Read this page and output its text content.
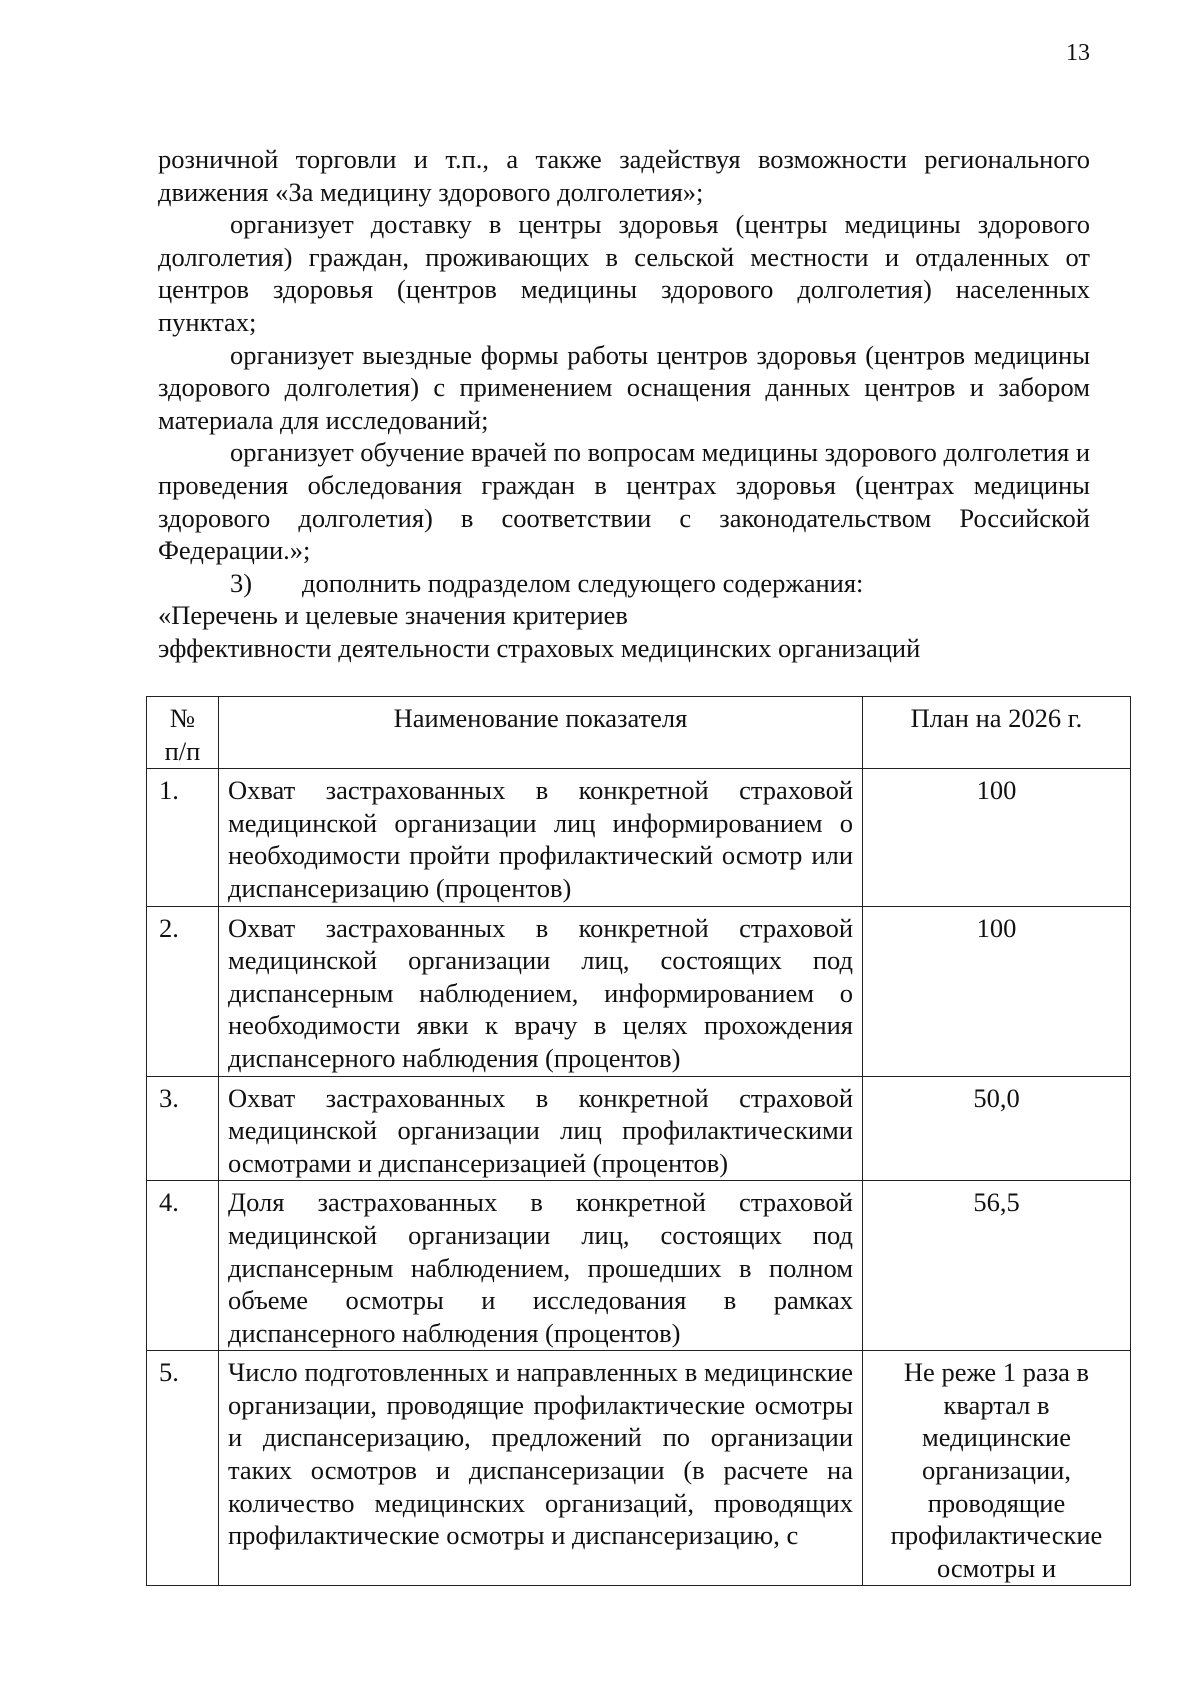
13

розничной торговли и т.п., а также задействуя возможности регионального движения «За медицину здорового долголетия»;

организует доставку в центры здоровья (центры медицины здорового долголетия) граждан, проживающих в сельской местности и отдаленных от центров здоровья (центров медицины здорового долголетия) населенных пунктах;

организует выездные формы работы центров здоровья (центров медицины здорового долголетия) с применением оснащения данных центров и забором материала для исследований;

организует обучение врачей по вопросам медицины здорового долголетия и проведения обследования граждан в центрах здоровья (центрах медицины здорового долголетия) в соответствии с законодательством Российской Федерации.»;

3) дополнить подразделом следующего содержания:

«Перечень и целевые значения критериев
эффективности деятельности страховых медицинских организаций

№ п/п	Наименование показателя	План на 2026 г.
1.	Охват застрахованных в конкретной страховой медицинской организации лиц информированием о необходимости пройти профилактический осмотр или диспансеризацию (процентов)	100
2.	Охват застрахованных в конкретной страховой медицинской организации лиц, состоящих под диспансерным наблюдением, информированием о необходимости явки к врачу в целях прохождения диспансерного наблюдения (процентов)	100
3.	Охват застрахованных в конкретной страховой медицинской организации лиц профилактическими осмотрами и диспансеризацией (процентов)	50,0
4.	Доля застрахованных в конкретной страховой медицинской организации лиц, состоящих под диспансерным наблюдением, прошедших в полном объеме осмотры и исследования в рамках диспансерного наблюдения (процентов)	56,5
5.	Число подготовленных и направленных в медицинские организации, проводящие профилактические осмотры и диспансеризацию, предложений по организации таких осмотров и диспансеризации (в расчете на количество медицинских организаций, проводящих профилактические осмотры и диспансеризацию, с	Не реже 1 раза в квартал в медицинские организации, проводящие профилактические осмотры и
